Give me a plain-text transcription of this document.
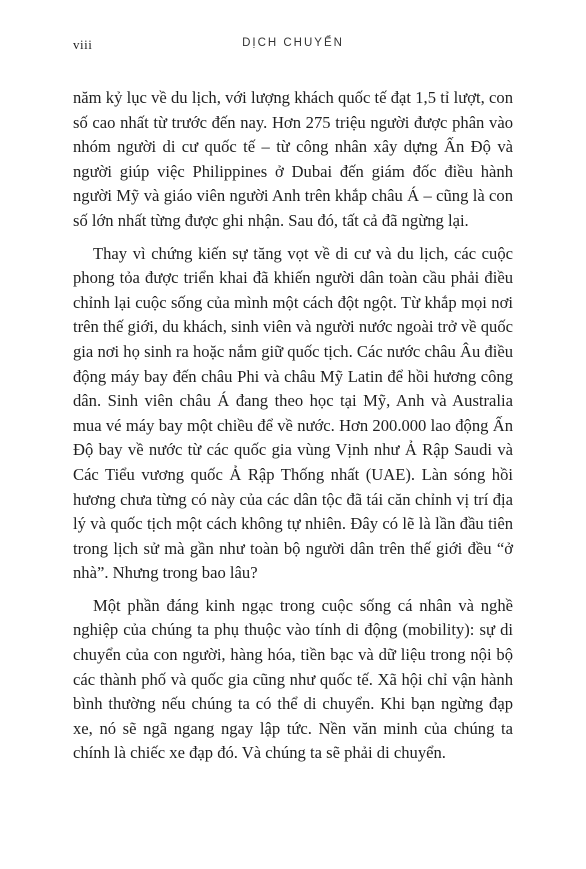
viii	DỊCH CHUYỂN

năm kỷ lục về du lịch, với lượng khách quốc tế đạt 1,5 tỉ lượt, con số cao nhất từ trước đến nay. Hơn 275 triệu người được phân vào nhóm người di cư quốc tế – từ công nhân xây dựng Ấn Độ và người giúp việc Philippines ở Dubai đến giám đốc điều hành người Mỹ và giáo viên người Anh trên khắp châu Á – cũng là con số lớn nhất từng được ghi nhận. Sau đó, tất cả đã ngừng lại.

Thay vì chứng kiến sự tăng vọt về di cư và du lịch, các cuộc phong tỏa được triển khai đã khiến người dân toàn cầu phải điều chỉnh lại cuộc sống của mình một cách đột ngột. Từ khắp mọi nơi trên thế giới, du khách, sinh viên và người nước ngoài trở về quốc gia nơi họ sinh ra hoặc nắm giữ quốc tịch. Các nước châu Âu điều động máy bay đến châu Phi và châu Mỹ Latin để hồi hương công dân. Sinh viên châu Á đang theo học tại Mỹ, Anh và Australia mua vé máy bay một chiều để về nước. Hơn 200.000 lao động Ấn Độ bay về nước từ các quốc gia vùng Vịnh như Ả Rập Saudi và Các Tiểu vương quốc Ả Rập Thống nhất (UAE). Làn sóng hồi hương chưa từng có này của các dân tộc đã tái căn chỉnh vị trí địa lý và quốc tịch một cách không tự nhiên. Đây có lẽ là lần đầu tiên trong lịch sử mà gần như toàn bộ người dân trên thế giới đều “ở nhà”. Nhưng trong bao lâu?

Một phần đáng kinh ngạc trong cuộc sống cá nhân và nghề nghiệp của chúng ta phụ thuộc vào tính di động (mobility): sự di chuyển của con người, hàng hóa, tiền bạc và dữ liệu trong nội bộ các thành phố và quốc gia cũng như quốc tế. Xã hội chỉ vận hành bình thường nếu chúng ta có thể di chuyển. Khi bạn ngừng đạp xe, nó sẽ ngã ngang ngay lập tức. Nền văn minh của chúng ta chính là chiếc xe đạp đó. Và chúng ta sẽ phải di chuyển.
